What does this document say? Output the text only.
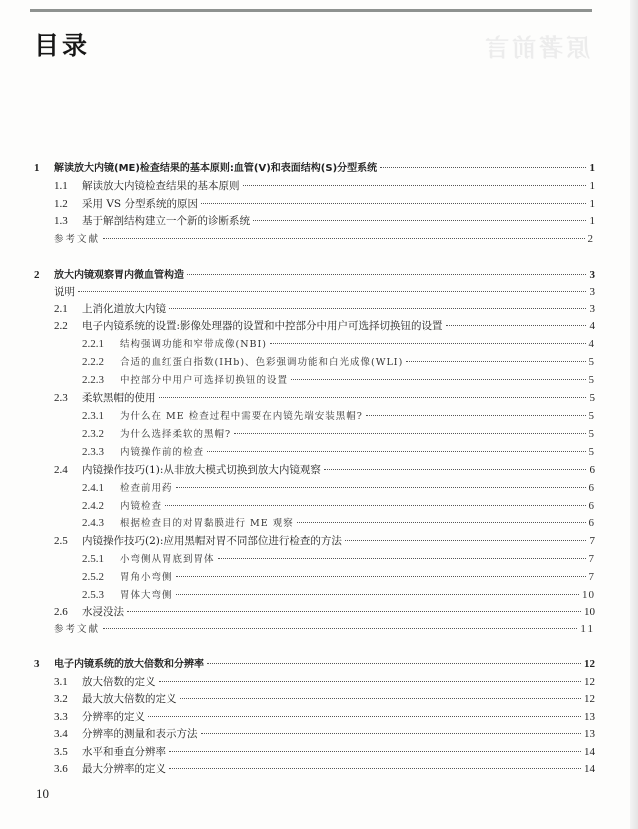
目录	原著前言
1	解读放大内镜(ME)检查结果的基本原则:血管(V)和表面结构(S)分型系统	1
1.1	解读放大内镜检查结果的基本原则	1
1.2	采用 VS 分型系统的原因	1
1.3	基于解剖结构建立一个新的诊断系统	1
参考文献	2
2	放大内镜观察胃内微血管构造	3
说明	3
2.1	上消化道放大内镜	3
2.2	电子内镜系统的设置:影像处理器的设置和中控部分中用户可选择切换钮的设置	4
2.2.1	结构强调功能和窄带成像(NBI)	4
2.2.2	合适的血红蛋白指数(IHb)、色彩强调功能和白光成像(WLI)	5
2.2.3	中控部分中用户可选择切换钮的设置	5
2.3	柔软黑帽的使用	5
2.3.1	为什么在 ME 检查过程中需要在内镜先端安装黑帽?	5
2.3.2	为什么选择柔软的黑帽?	5
2.3.3	内镜操作前的检查	5
2.4	内镜操作技巧(1):从非放大模式切换到放大内镜观察	6
2.4.1	检查前用药	6
2.4.2	内镜检查	6
2.4.3	根据检查目的对胃黏膜进行 ME 观察	6
2.5	内镜操作技巧(2):应用黑帽对胃不同部位进行检查的方法	7
2.5.1	小弯侧从胃底到胃体	7
2.5.2	胃角小弯侧	7
2.5.3	胃体大弯侧	10
2.6	水浸没法	10
参考文献	11
3	电子内镜系统的放大倍数和分辨率	12
3.1	放大倍数的定义	12
3.2	最大放大倍数的定义	12
3.3	分辨率的定义	13
3.4	分辨率的测量和表示方法	13
3.5	水平和垂直分辨率	14
3.6	最大分辨率的定义	14
10
